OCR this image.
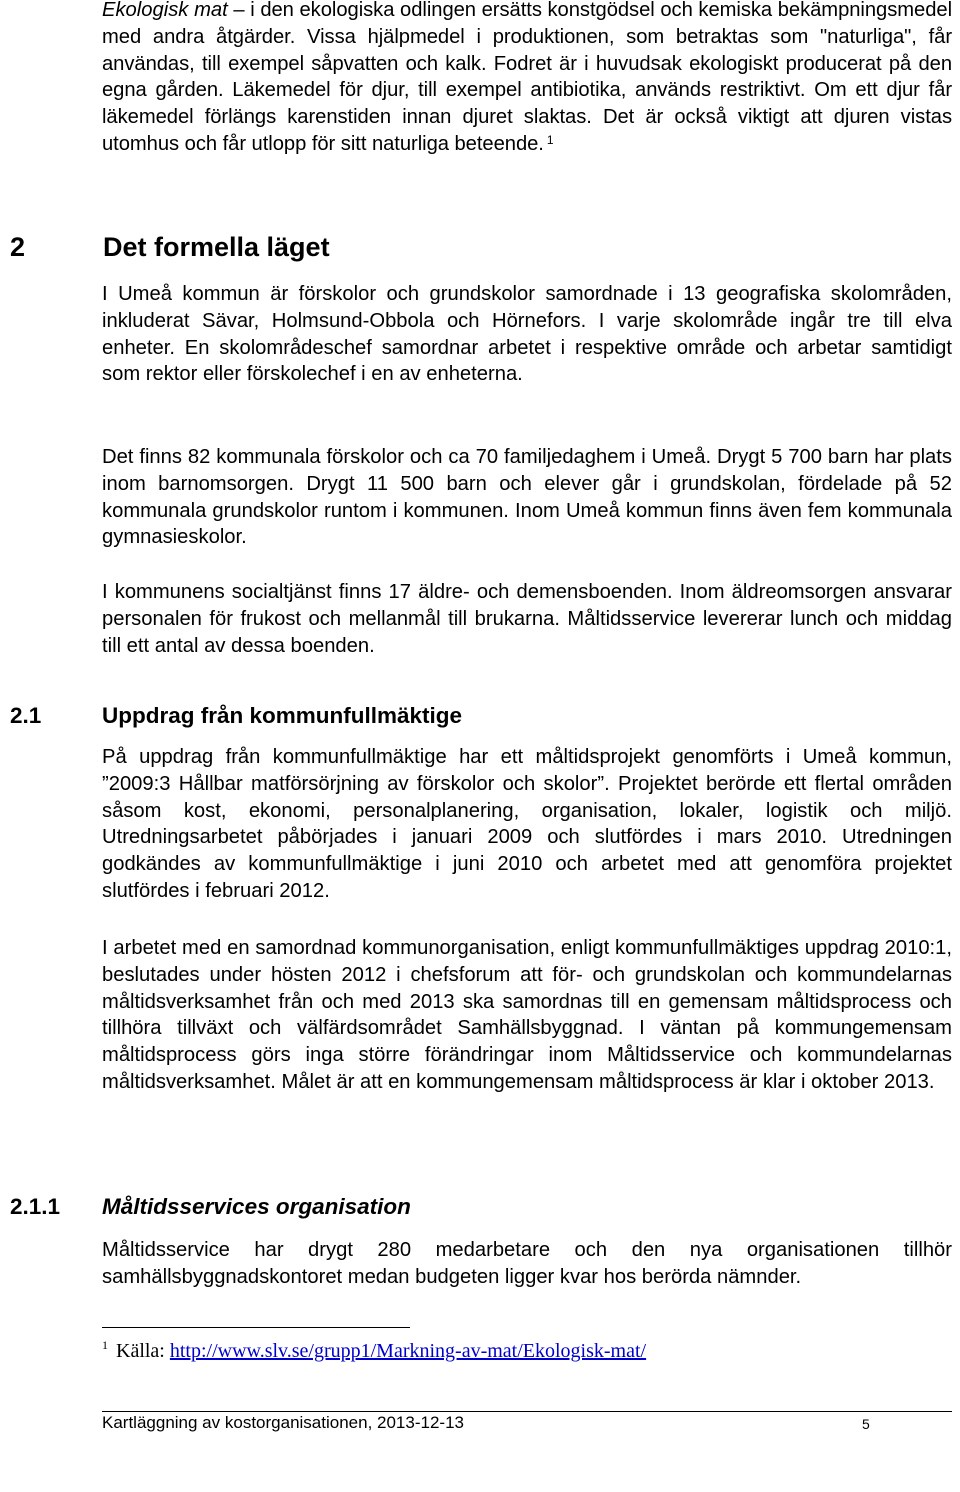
Ekologisk mat – i den ekologiska odlingen ersätts konstgödsel och kemiska bekämpningsmedel med andra åtgärder. Vissa hjälpmedel i produktionen, som betraktas som "naturliga", får användas, till exempel såpvatten och kalk. Fodret är i huvudsak ekologiskt producerat på den egna gården. Läkemedel för djur, till exempel antibiotika, används restriktivt. Om ett djur får läkemedel förlängs karenstiden innan djuret slaktas. Det är också viktigt att djuren vistas utomhus och får utlopp för sitt naturliga beteende. $^1$
2	Det formella läget

I Umeå kommun är förskolor och grundskolor samordnade i 13 geografiska skolområden, inkluderat Sävar, Holmsund-Obbola och Hörnefors. I varje skolområde ingår tre till elva enheter. En skolområdeschef samordnar arbetet i respektive område och arbetar samtidigt som rektor eller förskolechef i en av enheterna.

Det finns 82 kommunala förskolor och ca 70 familjedaghem i Umeå. Drygt 5 700 barn har plats inom barnomsorgen. Drygt 11 500 barn och elever går i grundskolan, fördelade på 52 kommunala grundskolor runtom i kommunen. Inom Umeå kommun finns även fem kommunala gymnasieskolor.

I kommunens socialtjänst finns 17 äldre- och demensboenden. Inom äldreomsorgen ansvarar personalen för frukost och mellanmål till brukarna. Måltidsservice levererar lunch och middag till ett antal av dessa boenden.

2.1	Uppdrag från kommunfullmäktige

På uppdrag från kommunfullmäktige har ett måltidsprojekt genomförts i Umeå kommun, ”2009:3 Hållbar matförsörjning av förskolor och skolor”. Projektet berörde ett flertal områden såsom kost, ekonomi, personalplanering, organisation, lokaler, logistik och miljö. Utredningsarbetet påbörjades i januari 2009 och slutfördes i mars 2010. Utredningen godkändes av kommunfullmäktige i juni 2010 och arbetet med att genomföra projektet slutfördes i februari 2012.

I arbetet med en samordnad kommunorganisation, enligt kommunfullmäktiges uppdrag 2010:1, beslutades under hösten 2012 i chefsforum att för- och grundskolan och kommundelarnas måltidsverksamhet från och med 2013 ska samordnas till en gemensam måltidsprocess och tillhöra tillväxt och välfärdsområdet Samhällsbyggnad. I väntan på kommungemensam måltidsprocess görs inga större förändringar inom Måltidsservice och kommundelarnas måltidsverksamhet. Målet är att en kommungemensam måltidsprocess är klar i oktober 2013.

2.1.1 Måltidsservices organisation

Måltidsservice har drygt 280 medarbetare och den nya organisationen tillhör samhällsbyggnadskontoret medan budgeten ligger kvar hos berörda nämnder.

$^1$ Källa: http://www.slv.se/grupp1/Markning-av-mat/Ekologisk-mat/
Kartläggning av kostorganisationen, 2013-12-13	5
